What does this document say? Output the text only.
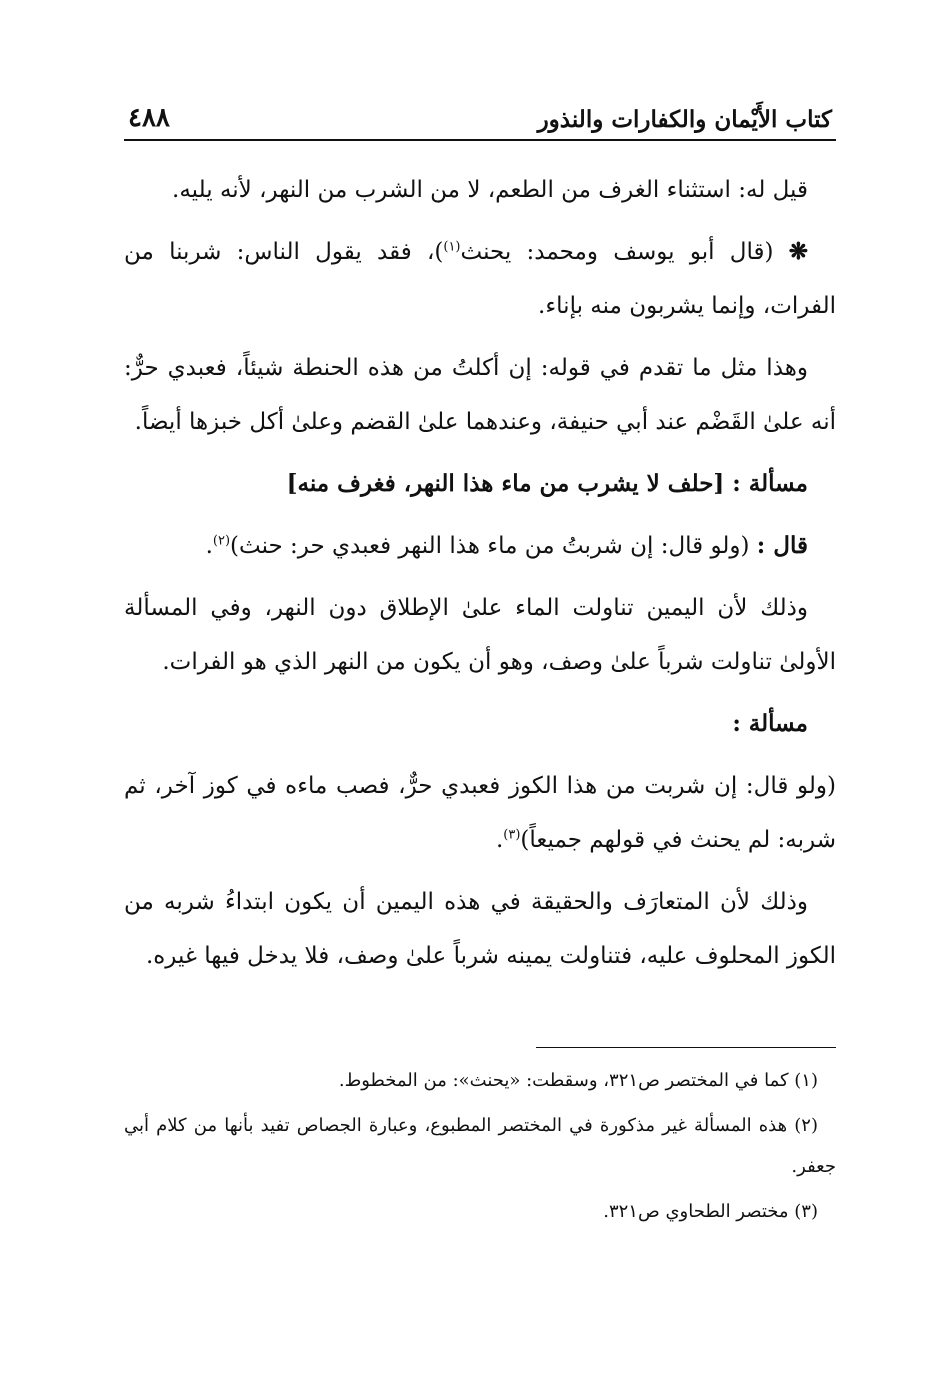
كتاب الأَيْمان والكفارات والنذور
٤٨٨

قيل له: استثناء الغرف من الطعم، لا من الشرب من النهر، لأنه يليه.

❋ (قال أبو يوسف ومحمد: يحنث$^{(١)}$)، فقد يقول الناس: شربنا من الفرات، وإنما يشربون منه بإناء.

وهذا مثل ما تقدم في قوله: إن أكلتُ من هذه الحنطة شيئاً، فعبدي حرٌّ: أنه علىٰ القَضْم عند أبي حنيفة، وعندهما علىٰ القضم وعلىٰ أكل خبزها أيضاً.

مسألة : [حلف لا يشرب من ماء هذا النهر، فغرف منه]

قال : (ولو قال: إن شربتُ من ماء هذا النهر فعبدي حر: حنث)$^{(٢)}$.

وذلك لأن اليمين تناولت الماء علىٰ الإطلاق دون النهر، وفي المسألة الأولىٰ تناولت شرباً علىٰ وصف، وهو أن يكون من النهر الذي هو الفرات.

مسألة :

(ولو قال: إن شربت من هذا الكوز فعبدي حرٌّ، فصب ماءه في كوز آخر، ثم شربه: لم يحنث في قولهم جميعاً)$^{(٣)}$.

وذلك لأن المتعارَف والحقيقة في هذه اليمين أن يكون ابتداءُ شربه من الكوز المحلوف عليه، فتناولت يمينه شرباً علىٰ وصف، فلا يدخل فيها غيره.

(١) كما في المختصر ص٣٢١، وسقطت: «يحنث»: من المخطوط.

(٢) هذه المسألة غير مذكورة في المختصر المطبوع، وعبارة الجصاص تفيد بأنها من كلام أبي جعفر.

(٣) مختصر الطحاوي ص٣٢١.
